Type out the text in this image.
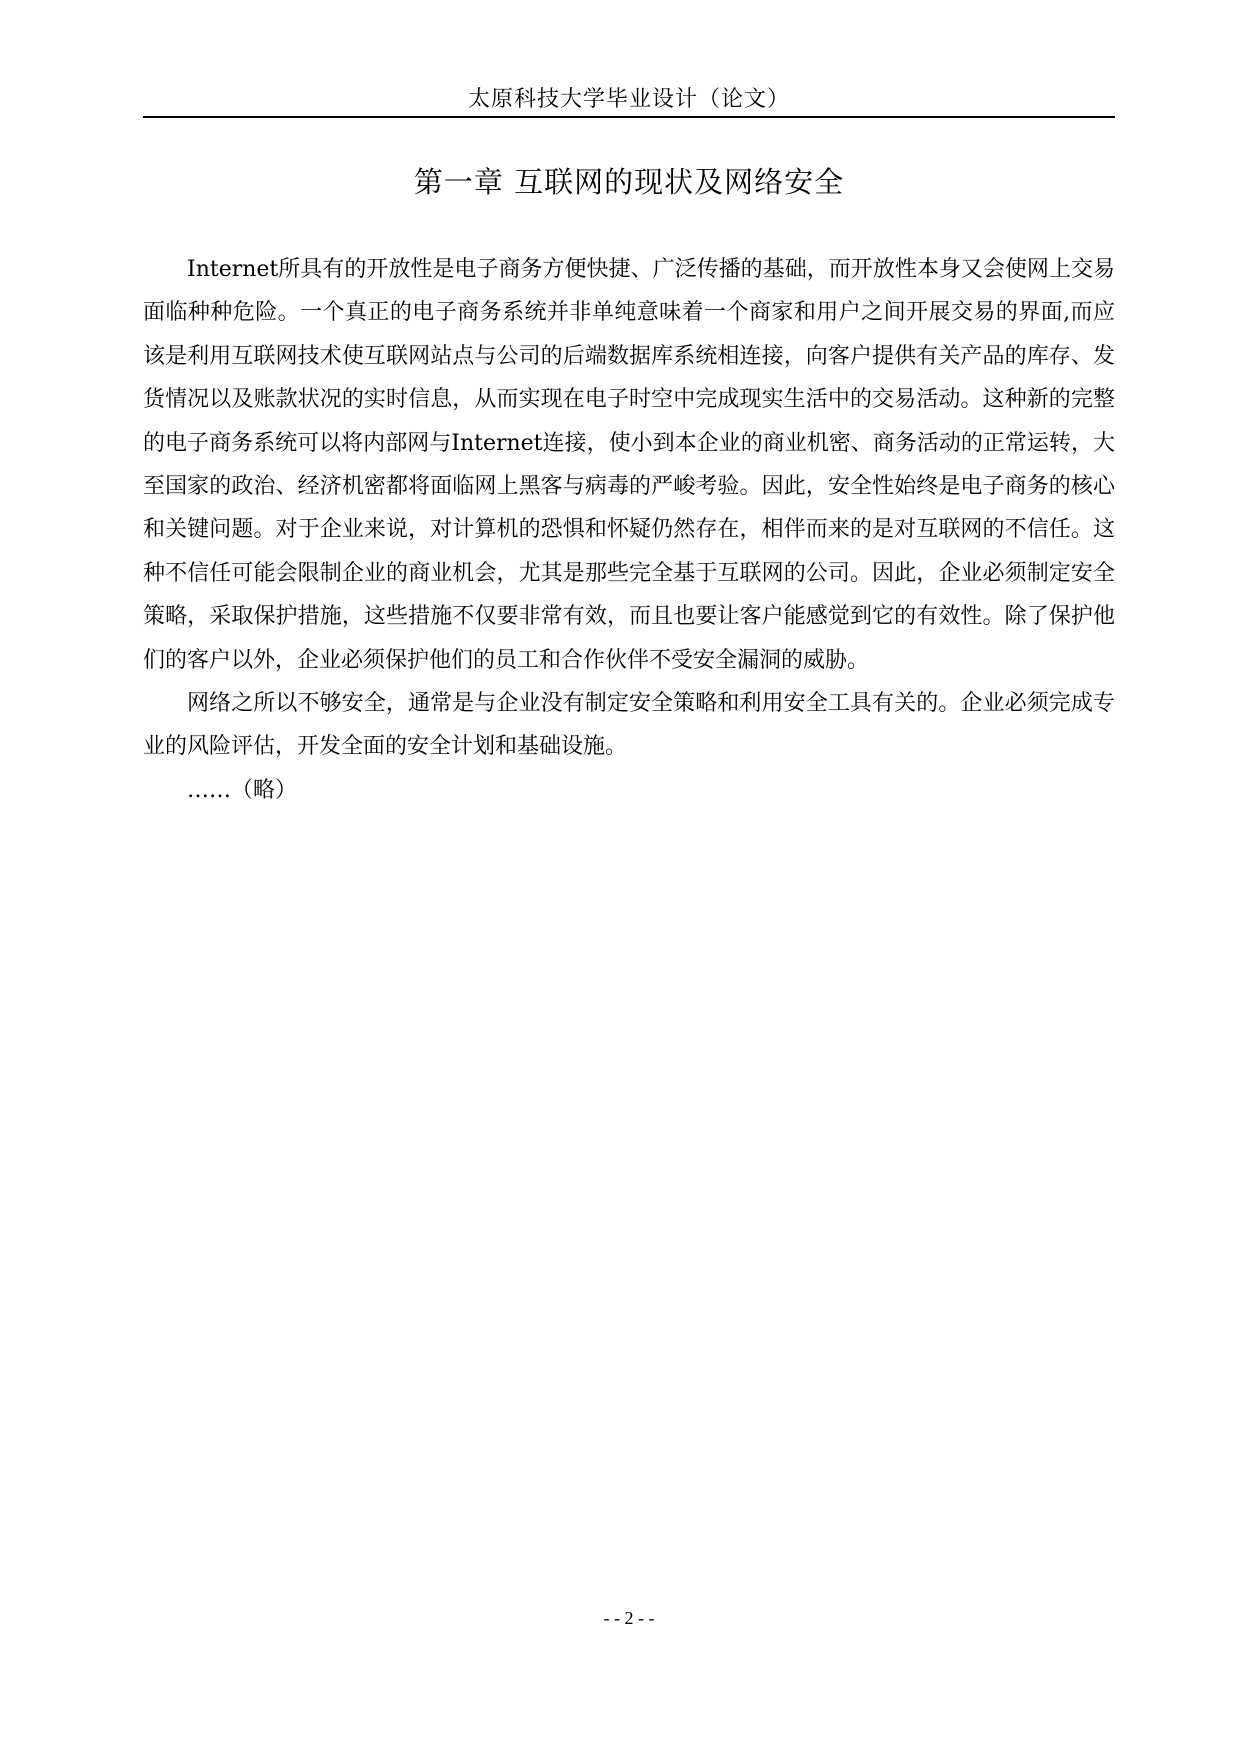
太原科技大学毕业设计（论文）
第一章 互联网的现状及网络安全

Internet所具有的开放性是电子商务方便快捷、广泛传播的基础，而开放性本身又会使网上交易面临种种危险。一个真正的电子商务系统并非单纯意味着一个商家和用户之间开展交易的界面,而应该是利用互联网技术使互联网站点与公司的后端数据库系统相连接，向客户提供有关产品的库存、发货情况以及账款状况的实时信息，从而实现在电子时空中完成现实生活中的交易活动。这种新的完整的电子商务系统可以将内部网与Internet连接，使小到本企业的商业机密、商务活动的正常运转，大至国家的政治、经济机密都将面临网上黑客与病毒的严峻考验。因此，安全性始终是电子商务的核心和关键问题。对于企业来说，对计算机的恐惧和怀疑仍然存在，相伴而来的是对互联网的不信任。这种不信任可能会限制企业的商业机会，尤其是那些完全基于互联网的公司。因此，企业必须制定安全策略，采取保护措施，这些措施不仅要非常有效，而且也要让客户能感觉到它的有效性。除了保护他们的客户以外，企业必须保护他们的员工和合作伙伴不受安全漏洞的威胁。

网络之所以不够安全，通常是与企业没有制定安全策略和利用安全工具有关的。企业必须完成专业的风险评估，开发全面的安全计划和基础设施。

……（略）

- - 2 - -
